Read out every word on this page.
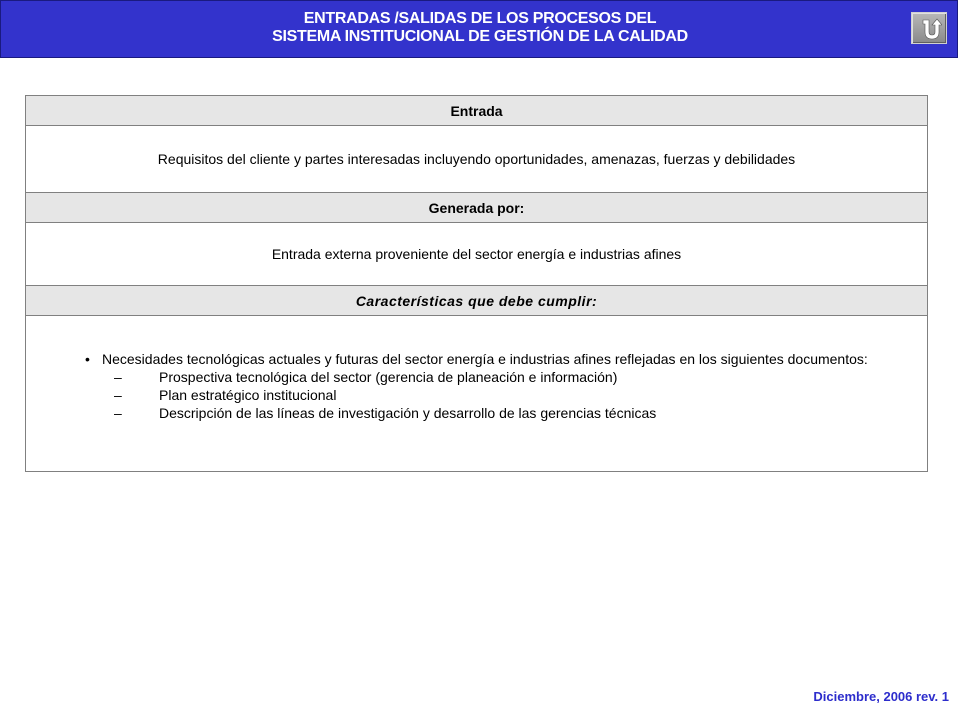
ENTRADAS /SALIDAS DE LOS PROCESOS DEL
SISTEMA INSTITUCIONAL DE GESTIÓN DE LA CALIDAD
Entrada
Requisitos del cliente y partes interesadas incluyendo oportunidades, amenazas, fuerzas y debilidades
Generada por:
Entrada externa proveniente del sector energía e industrias afines
Características que debe cumplir:

• Necesidades tecnológicas actuales y futuras del sector energía e industrias afines reflejadas en los siguientes documentos:
–	Prospectiva tecnológica del sector (gerencia de planeación e información)
–	Plan estratégico institucional
–	Descripción de las líneas de investigación y desarrollo de las gerencias técnicas
Diciembre, 2006 rev. 1
